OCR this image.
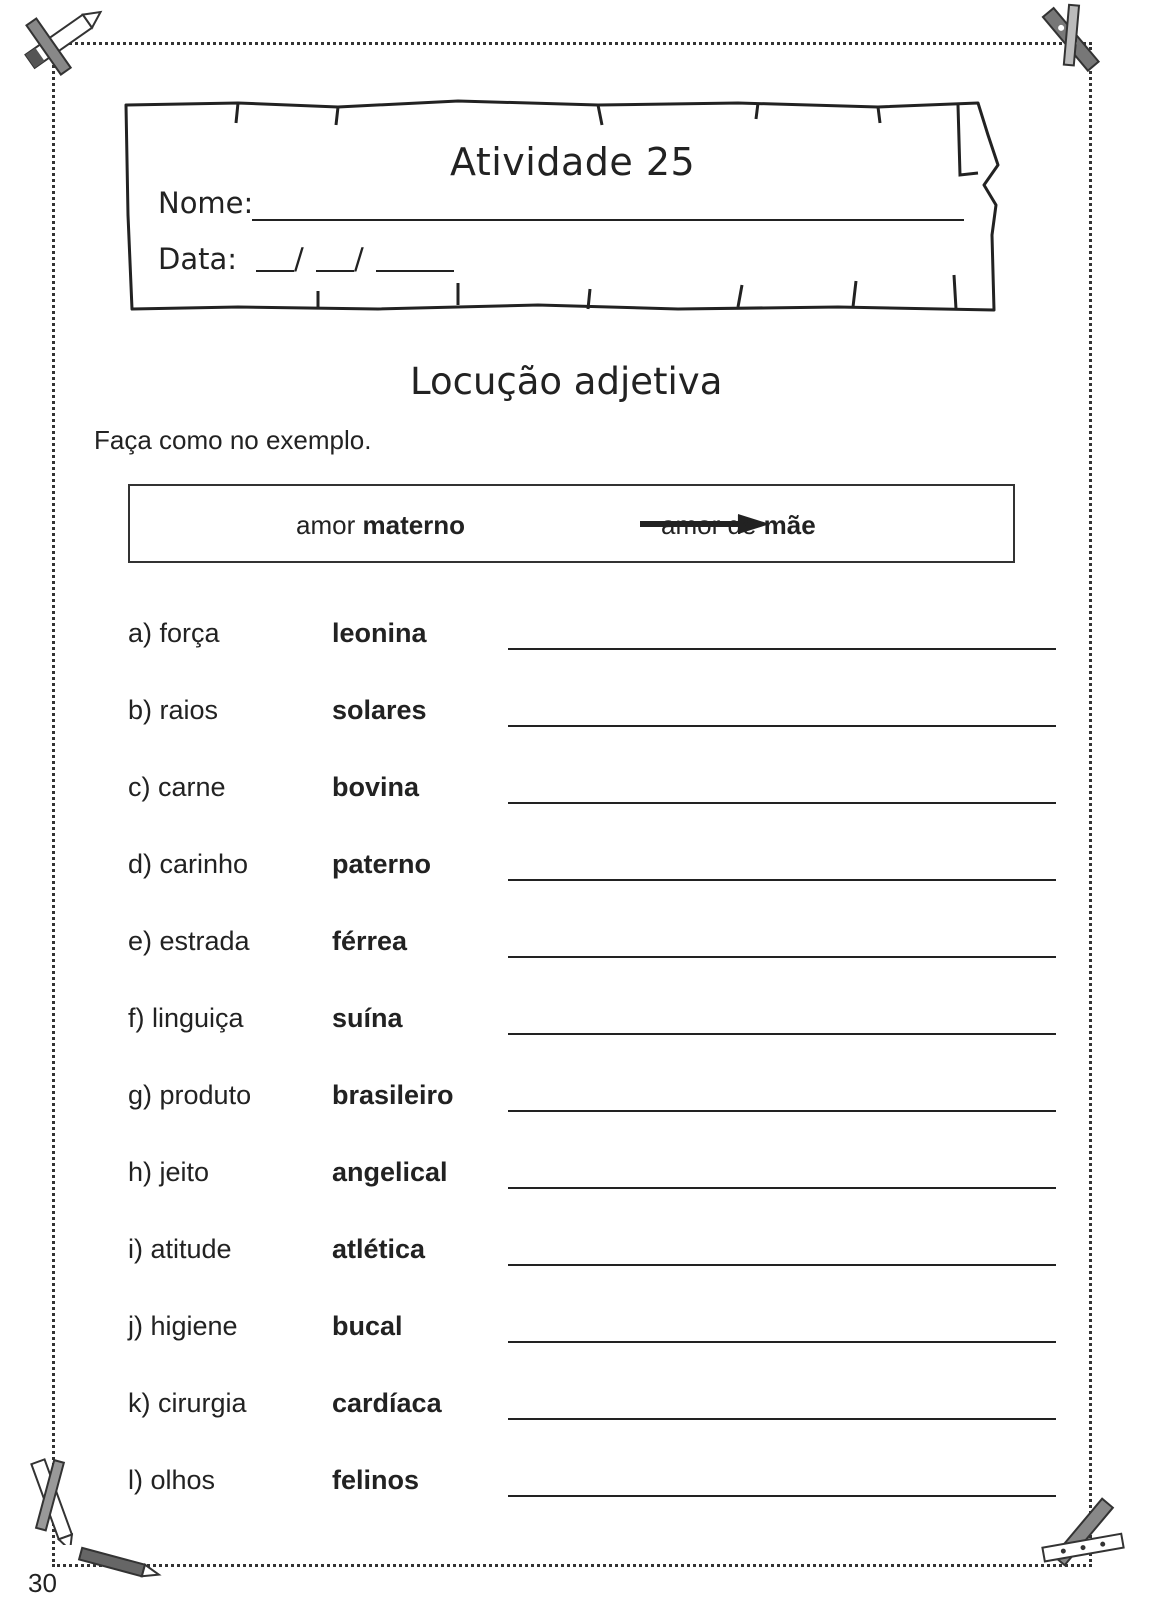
Atividade 25
Nome:
Data: / /
Locução adjetiva
Faça como no exemplo.
amor materno	amor de mãe
a) força	leonina
b) raios	solares
c) carne	bovina
d) carinho	paterno
e) estrada	férrea
f) linguiça	suína
g) produto	brasileiro
h) jeito	angelical
i) atitude	atlética
j) higiene	bucal
k) cirurgia	cardíaca
l) olhos	felinos
30
